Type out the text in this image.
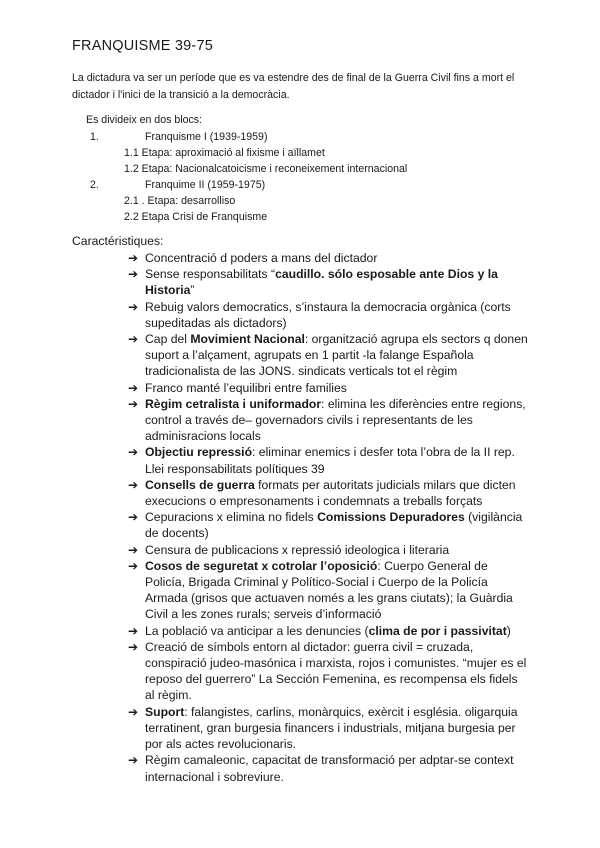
FRANQUISME 39-75
La dictadura va ser un període que es va estendre des de final de la Guerra Civil fins a mort el dictador i l'inici de la transició a la democràcia.
Es divideix en dos blocs:
1.	Franquisme I (1939-1959)
1.1 Etapa: aproximació al fixisme i aïllamet
1.2 Etapa: Nacionalcatoicisme i reconeixement internacional
2.	Franquime II (1959-1975)
2.1 . Etapa: desarrolliso
2.2 Etapa Crisi de Franquisme
Caractéristiques:
➔ Concentració d poders a mans del dictador
➔ Sense responsabilitats “caudillo. sólo esposable ante Dios y la Historia”
➔ Rebuig valors democratics, s’instaura la democracia orgànica (corts supeditadas als dictadors)
➔ Cap del Movimient Nacional: organització agrupa els sectors q donen suport a l’alçament, agrupats en 1 partit -la falange Española tradicionalista de las JONS. sindicats verticals tot el règim
➔ Franco manté l’equilibri entre families
➔ Règim cetralista i uniformador: elimina les diferències entre regions, control a través de– governadors civils i representants de les adminisracions locals
➔ Objectiu repressió: eliminar enemics i desfer tota l’obra de la II rep. Llei responsabilitats polítiques 39
➔ Consells de guerra formats per autoritats judicials milars que dicten execucions o empresonaments i condemnats a treballs forçats
➔ Cepuracions x elimina no fidels Comissions Depuradores (vigilància de docents)
➔ Censura de publicacions x repressió ideologica i literaria
➔ Cosos de seguretat x cotrolar l’oposició: Cuerpo General de Policía, Brigada Criminal y Político-Social i Cuerpo de la Policía Armada (grisos que actuaven només a les grans ciutats); la Guàrdia Civil a les zones rurals; serveis d’informació
➔ La població va anticipar a les denuncies (clima de por i passivitat)
➔ Creació de símbols entorn al dictador: guerra civil = cruzada, conspiració judeo-masónica i marxista, rojos i comunistes. “mujer es el reposo del guerrero” La Sección Femenina, es recompensa els fidels al règim.
➔ Suport: falangistes, carlins, monàrquics, exèrcit i església. oligarquia terratinent, gran burgesia financers i industrials, mitjana burgesia per por als actes revolucionaris.
➔ Règim camaleonic, capacitat de transformació per adptar-se context internacional i sobreviure.
